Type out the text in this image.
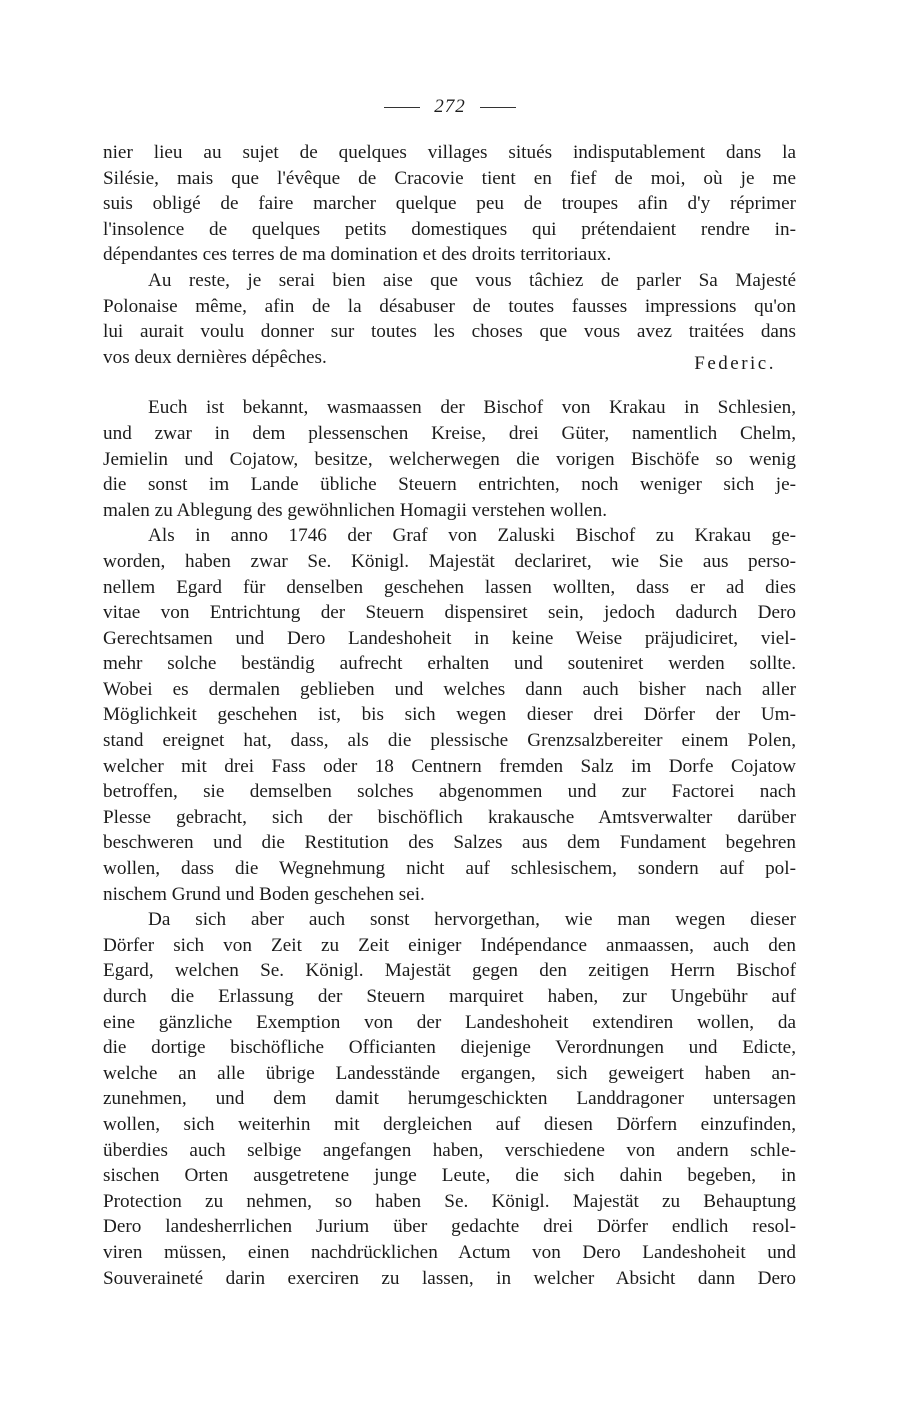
272
nier lieu au sujet de quelques villages situés indisputablement dans la
Silésie, mais que l'évêque de Cracovie tient en fief de moi, où je me
suis obligé de faire marcher quelque peu de troupes afin d'y réprimer
l'insolence de quelques petits domestiques qui prétendaient rendre in-
dépendantes ces terres de ma domination et des droits territoriaux.
Au reste, je serai bien aise que vous tâchiez de parler Sa Majesté
Polonaise même, afin de la désabuser de toutes fausses impressions qu'on
lui aurait voulu donner sur toutes les choses que vous avez traitées dans
vos deux dernières dépêches.	Federic.
Euch ist bekannt, wasmaassen der Bischof von Krakau in Schlesien,
und zwar in dem plessenschen Kreise, drei Güter, namentlich Chelm,
Jemielin und Cojatow, besitze, welcherwegen die vorigen Bischöfe so wenig
die sonst im Lande übliche Steuern entrichten, noch weniger sich je-
malen zu Ablegung des gewöhnlichen Homagii verstehen wollen.
Als in anno 1746 der Graf von Zaluski Bischof zu Krakau ge-
worden, haben zwar Se. Königl. Majestät declariret, wie Sie aus perso-
nellem Egard für denselben geschehen lassen wollten, dass er ad dies
vitae von Entrichtung der Steuern dispensiret sein, jedoch dadurch Dero
Gerechtsamen und Dero Landeshoheit in keine Weise präjudiciret, viel-
mehr solche beständig aufrecht erhalten und souteniret werden sollte.
Wobei es dermalen geblieben und welches dann auch bisher nach aller
Möglichkeit geschehen ist, bis sich wegen dieser drei Dörfer der Um-
stand ereignet hat, dass, als die plessische Grenzsalzbereiter einem Polen,
welcher mit drei Fass oder 18 Centnern fremden Salz im Dorfe Cojatow
betroffen, sie demselben solches abgenommen und zur Factorei nach
Plesse gebracht, sich der bischöflich krakausche Amtsverwalter darüber
beschweren und die Restitution des Salzes aus dem Fundament begehren
wollen, dass die Wegnehmung nicht auf schlesischem, sondern auf pol-
nischem Grund und Boden geschehen sei.
Da sich aber auch sonst hervorgethan, wie man wegen dieser
Dörfer sich von Zeit zu Zeit einiger Indépendance anmaassen, auch den
Egard, welchen Se. Königl. Majestät gegen den zeitigen Herrn Bischof
durch die Erlassung der Steuern marquiret haben, zur Ungebühr auf
eine gänzliche Exemption von der Landeshoheit extendiren wollen, da
die dortige bischöfliche Officianten diejenige Verordnungen und Edicte,
welche an alle übrige Landesstände ergangen, sich geweigert haben an-
zunehmen, und dem damit herumgeschickten Landdragoner untersagen
wollen, sich weiterhin mit dergleichen auf diesen Dörfern einzufinden,
überdies auch selbige angefangen haben, verschiedene von andern schle-
sischen Orten ausgetretene junge Leute, die sich dahin begeben, in
Protection zu nehmen, so haben Se. Königl. Majestät zu Behauptung
Dero landesherrlichen Jurium über gedachte drei Dörfer endlich resol-
viren müssen, einen nachdrücklichen Actum von Dero Landeshoheit und
Souveraineté darin exerciren zu lassen, in welcher Absicht dann Dero
